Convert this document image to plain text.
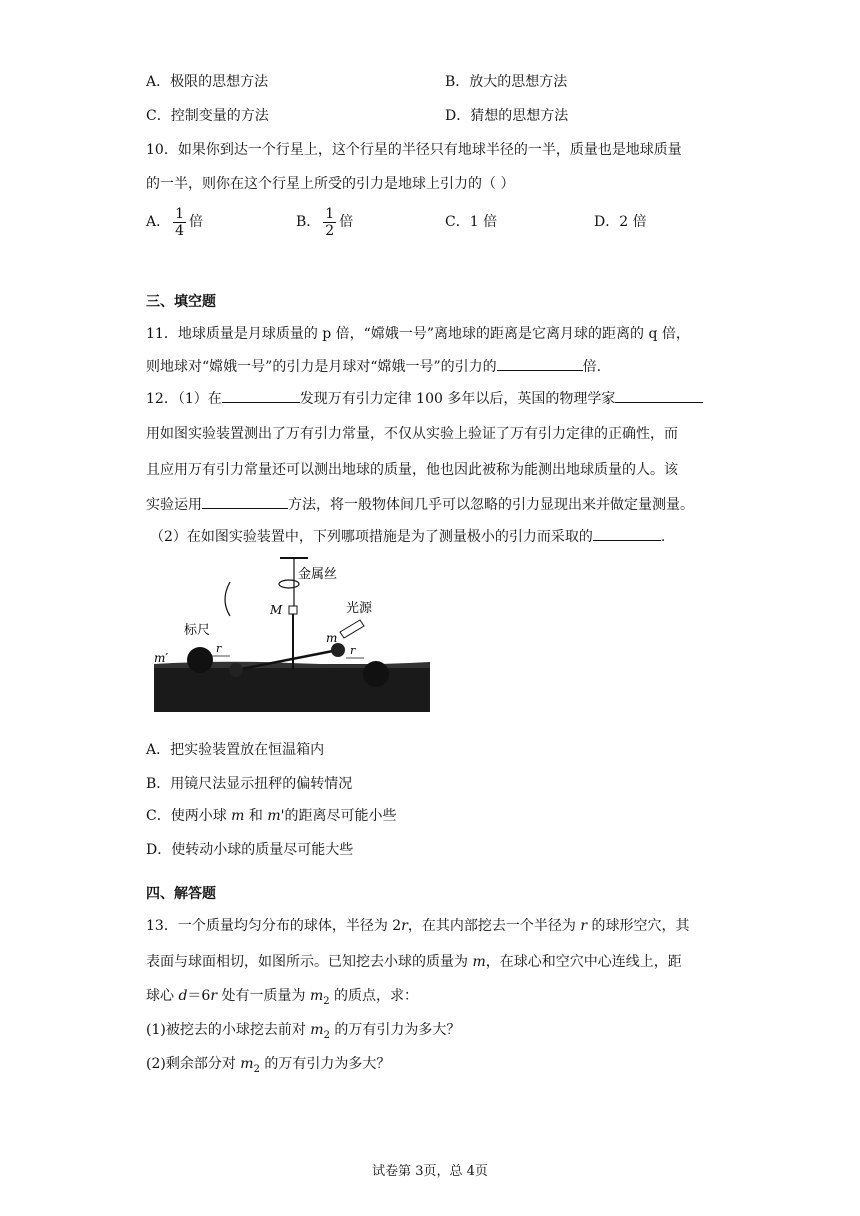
A．极限的思想方法	B．放大的思想方法
C．控制变量的方法	D．猜想的思想方法
10．如果你到达一个行星上，这个行星的半径只有地球半径的一半，质量也是地球质量
的一半，则你在这个行星上所受的引力是地球上引力的（ ）
A． $\frac{1}{4}$ 倍	B． $\frac{1}{2}$ 倍	C．1 倍	D．2 倍
三、填空题
11．地球质量是月球质量的 p 倍，“嫦娥一号”离地球的距离是它离月球的距离的 q 倍，
则地球对“嫦娥一号”的引力是月球对“嫦娥一号”的引力的	倍.
12．（1）在	发现万有引力定律 100 多年以后，英国的物理学家
用如图实验装置测出了万有引力常量，不仅从实验上验证了万有引力定律的正确性，而
且应用万有引力常量还可以测出地球的质量，他也因此被称为能测出地球质量的人。该
实验运用	方法，将一般物体间几乎可以忽略的引力显现出来并做定量测量。
（2）在如图实验装置中，下列哪项措施是为了测量极小的引力而采取的	.
金属丝
M
m
m′
标尺
r	r
光源
A．把实验装置放在恒温箱内
B．用镜尺法显示扭秤的偏转情况
C．使两小球 m 和 m'的距离尽可能小些
D．使转动小球的质量尽可能大些
四、解答题
13．一个质量均匀分布的球体，半径为 2r，在其内部挖去一个半径为 r 的球形空穴，其
表面与球面相切，如图所示。已知挖去小球的质量为 m，在球心和空穴中心连线上，距
球心 d＝6r 处有一质量为 $m_2$ 的质点，求：
(1)被挖去的小球挖去前对 $m_2$ 的万有引力为多大？
(2)剩余部分对 $m_2$ 的万有引力为多大？
试卷第 3页，总 4页
